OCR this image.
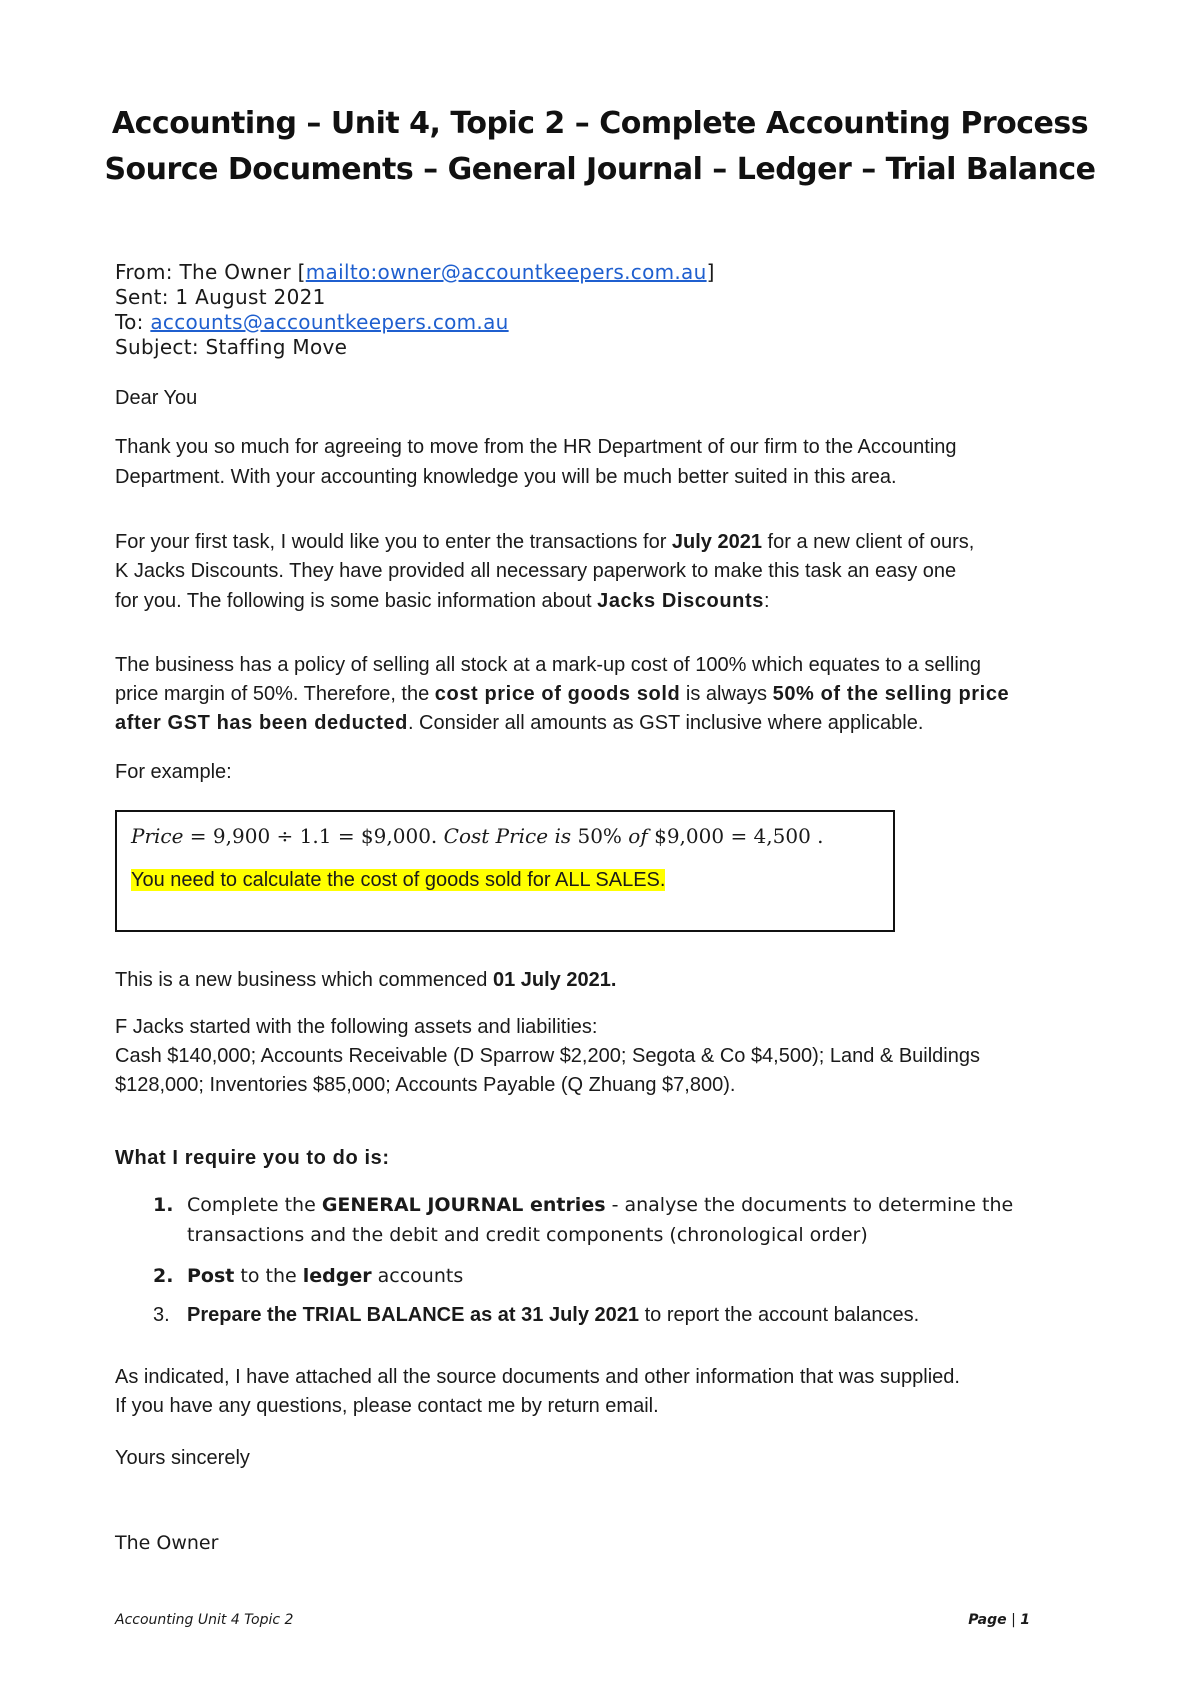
Accounting – Unit 4, Topic 2 – Complete Accounting Process
Source Documents – General Journal – Ledger – Trial Balance
From: The Owner [mailto:owner@accountkeepers.com.au]
Sent: 1 August 2021
To: accounts@accountkeepers.com.au
Subject: Staffing Move
Dear You
Thank you so much for agreeing to move from the HR Department of our firm to the Accounting
Department. With your accounting knowledge you will be much better suited in this area.
For your first task, I would like you to enter the transactions for July 2021 for a new client of ours,
K Jacks Discounts. They have provided all necessary paperwork to make this task an easy one
for you. The following is some basic information about Jacks Discounts:
The business has a policy of selling all stock at a mark-up cost of 100% which equates to a selling
price margin of 50%. Therefore, the cost price of goods sold is always 50% of the selling price
after GST has been deducted. Consider all amounts as GST inclusive where applicable.
For example:
Price = 9,900 ÷ 1.1 = $9,000. Cost Price is 50% of $9,000 = 4,500 .
You need to calculate the cost of goods sold for ALL SALES.
This is a new business which commenced 01 July 2021.
F Jacks started with the following assets and liabilities:
Cash $140,000; Accounts Receivable (D Sparrow $2,200; Segota & Co $4,500); Land & Buildings
$128,000; Inventories $85,000; Accounts Payable (Q Zhuang $7,800).
What I require you to do is:
1. Complete the GENERAL JOURNAL entries - analyse the documents to determine the
transactions and the debit and credit components (chronological order)
2. Post to the ledger accounts
3. Prepare the TRIAL BALANCE as at 31 July 2021 to report the account balances.
As indicated, I have attached all the source documents and other information that was supplied.
If you have any questions, please contact me by return email.
Yours sincerely
The Owner
Accounting Unit 4 Topic 2	Page | 1
